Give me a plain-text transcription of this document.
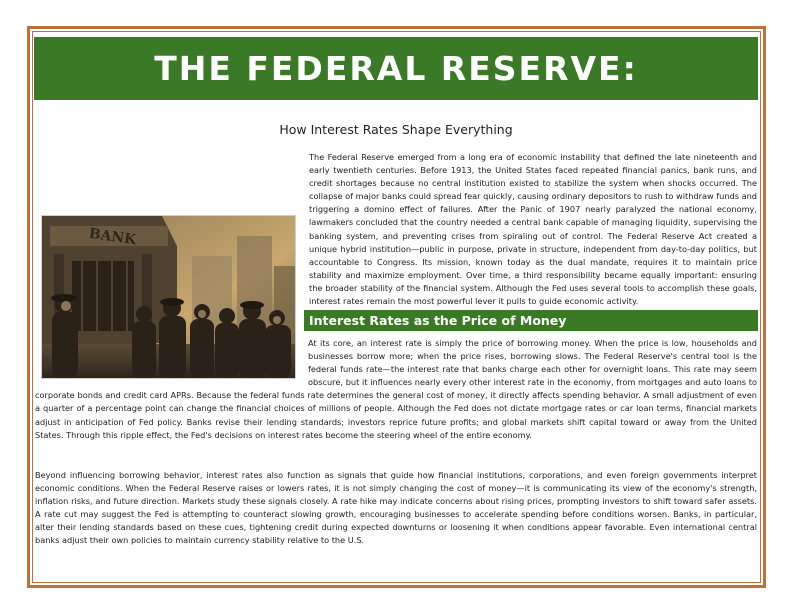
THE FEDERAL RESERVE:
How Interest Rates Shape Everything
The Federal Reserve emerged from a long era of economic instability that defined the late nineteenth and early twentieth centuries. Before 1913, the United States faced repeated financial panics, bank runs, and credit shortages because no central institution existed to stabilize the system when shocks occurred. The collapse of major banks could spread fear quickly, causing ordinary depositors to rush to withdraw funds and triggering a domino effect of failures. After the Panic of 1907 nearly paralyzed the national economy, lawmakers concluded that the country needed a central bank capable of managing liquidity, supervising the banking system, and preventing crises from spiraling out of control. The Federal Reserve Act created a unique hybrid institution—public in purpose, private in structure, independent from day-to-day politics, but accountable to Congress. Its mission, known today as the dual mandate, requires it to maintain price stability and maximize employment. Over time, a third responsibility became equally important: ensuring the broader stability of the financial system. Although the Fed uses several tools to accomplish these goals, interest rates remain the most powerful lever it pulls to guide economic activity.
BANK
Interest Rates as the Price of Money
At its core, an interest rate is simply the price of borrowing money. When the price is low, households and businesses borrow more; when the price rises, borrowing slows. The Federal Reserve's central tool is the federal funds rate—the interest rate that banks charge each other for overnight loans. This rate may seem obscure, but it influences nearly every other interest rate in the economy, from mortgages and auto loans to corporate bonds and credit card APRs. Because the federal funds rate determines the general cost of money, it directly affects spending behavior. A small adjustment of even a quarter of a percentage point can change the financial choices of millions of people. Although the Fed does not dictate mortgage rates or car loan terms, financial markets adjust in anticipation of Fed policy. Banks revise their lending standards; investors reprice future profits; and global markets shift capital toward or away from the United States. Through this ripple effect, the Fed's decisions on interest rates become the steering wheel of the entire economy.
Beyond influencing borrowing behavior, interest rates also function as signals that guide how financial institutions, corporations, and even foreign governments interpret economic conditions. When the Federal Reserve raises or lowers rates, it is not simply changing the cost of money—it is communicating its view of the economy's strength, inflation risks, and future direction. Markets study these signals closely. A rate hike may indicate concerns about rising prices, prompting investors to shift toward safer assets. A rate cut may suggest the Fed is attempting to counteract slowing growth, encouraging businesses to accelerate spending before conditions worsen. Banks, in particular, alter their lending standards based on these cues, tightening credit during expected downturns or loosening it when conditions appear favorable. Even international central banks adjust their own policies to maintain currency stability relative to the U.S.
